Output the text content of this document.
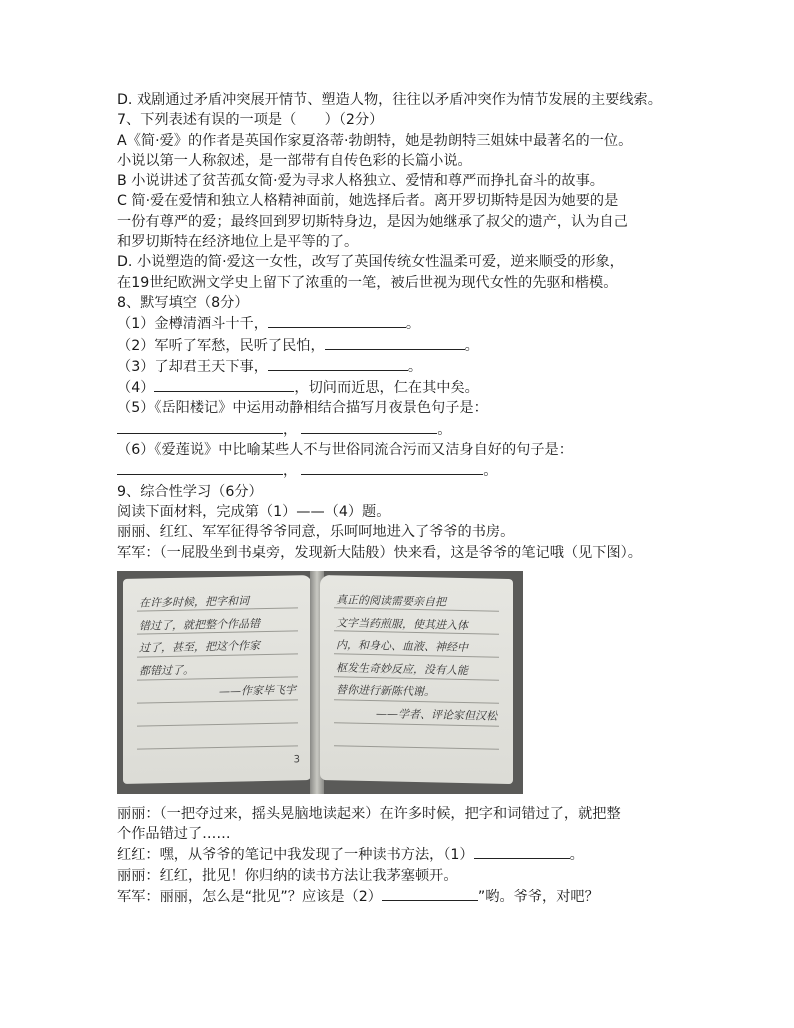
D. 戏剧通过矛盾冲突展开情节、塑造人物，往往以矛盾冲突作为情节发展的主要线索。
7、下列表述有误的一项是（　　）（2分）
A《简·爱》的作者是英国作家夏洛蒂·勃朗特，她是勃朗特三姐妹中最著名的一位。
小说以第一人称叙述，是一部带有自传色彩的长篇小说。
B 小说讲述了贫苦孤女简·爱为寻求人格独立、爱情和尊严而挣扎奋斗的故事。
C 简·爱在爱情和独立人格精神面前，她选择后者。离开罗切斯特是因为她要的是
一份有尊严的爱；最终回到罗切斯特身边，是因为她继承了叔父的遗产，认为自己
和罗切斯特在经济地位上是平等的了。
D. 小说塑造的简·爱这一女性，改写了英国传统女性温柔可爱，逆来顺受的形象，
在19世纪欧洲文学史上留下了浓重的一笔，被后世视为现代女性的先驱和楷模。
8、默写填空（8分）
（1）金樽清酒斗十千，	。
（2）军听了军愁，民听了民怕，	。
（3）了却君王天下事，	。
（4）	，切问而近思，仁在其中矣。
（5）《岳阳楼记》中运用动静相结合描写月夜景色句子是：
，	。
（6）《爱莲说》中比喻某些人不与世俗同流合污而又洁身自好的句子是：
，	。
9、综合性学习（6分）
阅读下面材料，完成第（1）——（4）题。
丽丽、红红、军军征得爷爷同意，乐呵呵地进入了爷爷的书房。
军军：（一屁股坐到书桌旁，发现新大陆般）快来看，这是爷爷的笔记哦（见下图）。
在许多时候，把字和词
错过了，就把整个作品错
过了，甚至，把这个作家
都错过了。
——作家毕飞宇
3
真正的阅读需要亲自把
文字当药煎服，使其进入体
内，和身心、血液、神经中
枢发生奇妙反应，没有人能
替你进行新陈代谢。
——学者、评论家但汉松
丽丽：（一把夺过来，摇头晃脑地读起来）在许多时候，把字和词错过了，就把整
个作品错过了……
红红：嘿，从爷爷的笔记中我发现了一种读书方法，（1）	。
丽丽：红红，批见！你归纳的读书方法让我茅塞顿开。
军军：丽丽，怎么是“批见”？应该是（2）	”哟。爷爷，对吧？
